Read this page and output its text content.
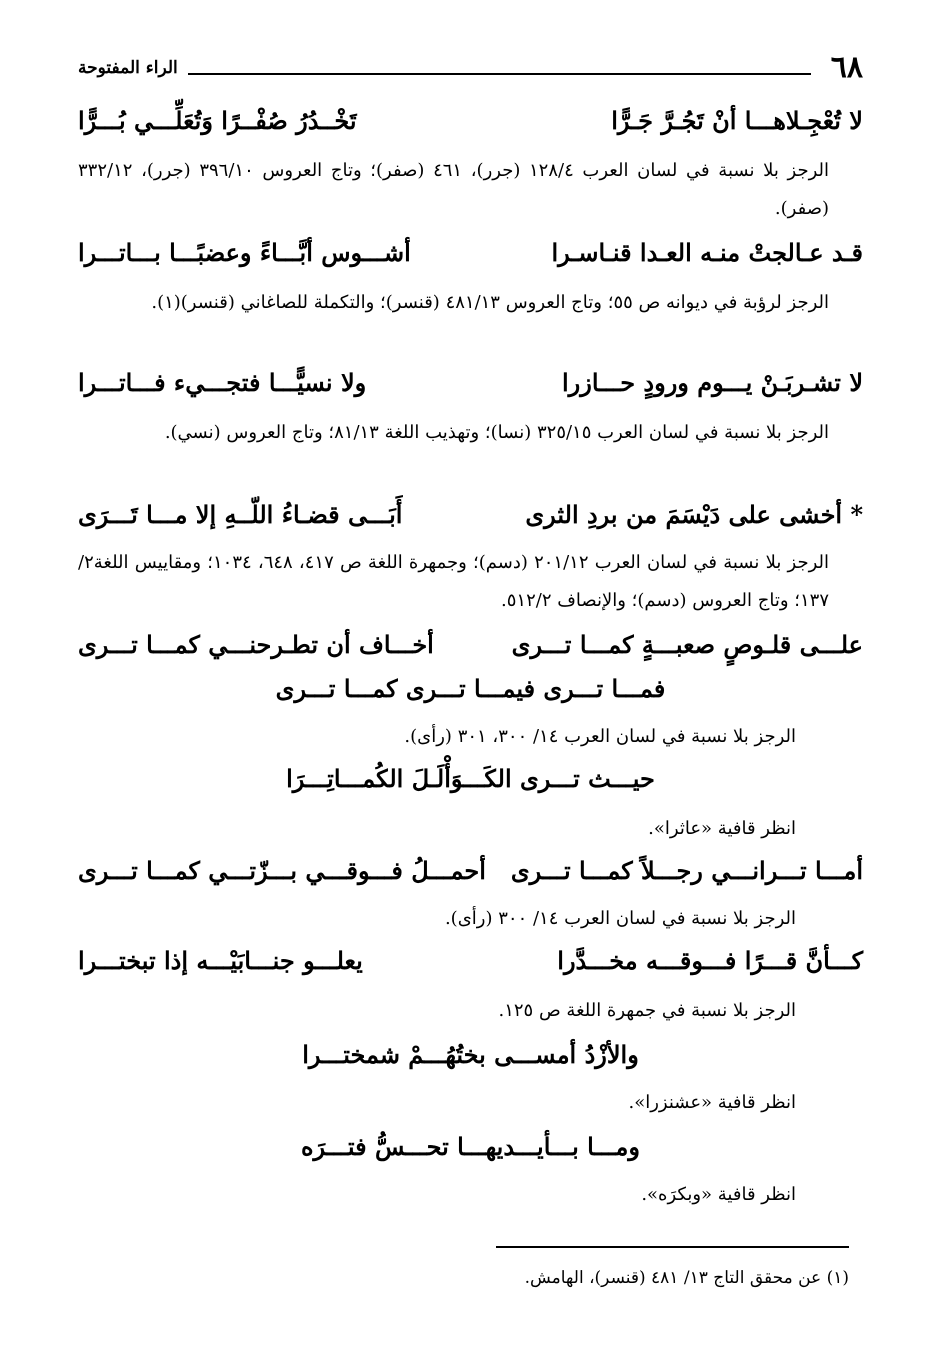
٦٨
الراء المفتوحة
لا تُعْجِـلاهـــا أنْ تَجُـرَّ جَـرًّا
تَخْــدُرُ صُفْــرًا وَتُعَلِّـــي بُـــرًّا
الرجز بلا نسبة في لسان العرب ١٢٨/٤ (جرر)، ٤٦١ (صفر)؛ وتاج العروس ٣٩٦/١٠ (جرر)، ٣٣٢/١٢ (صفر).
قـد عـالجتْ منـه العـدا قنـاسـرا
أشـــوس أبَّـــاءً وعضبًـــا بـــاتـــرا
الرجز لرؤبة في ديوانه ص ٥٥؛ وتاج العروس ٤٨١/١٣ (قنسر)؛ والتكملة للصاغاني (قنسر)(١).
لا تشـربَـنْ يـــوم ورودٍ حـــازرا
ولا نسيًّـــا فتجـــيء فـــاتـــرا
الرجز بلا نسبة في لسان العرب ٣٢٥/١٥ (نسا)؛ وتهذيب اللغة ٨١/١٣؛ وتاج العروس (نسي).
* أخشى على دَيْسَمَ من بردِ الثرى
أَبَـــى قضـاءُ اللّــهِ إلا مـــا تَـــرَى
الرجز بلا نسبة في لسان العرب ٢٠١/١٢ (دسم)؛ وجمهرة اللغة ص ٤١٧، ٦٤٨، ١٠٣٤؛ ومقاييس اللغة٢/ ١٣٧؛ وتاج العروس (دسم)؛ والإنصاف ٥١٢/٢.
علـــى قلـوصٍ صعبـــةٍ كمـــا تـــرى
أخـــاف أن تطـرحنـــي كمـــا تـــرى
فمـــا تـــرى فيمـــا تـــرى كمـــا تـــرى
الرجز بلا نسبة في لسان العرب ١٤/ ٣٠٠، ٣٠١ (رأى).
حيـــث تـــرى الكَـــوَأْلَـلَ الكُمـــاتِـــرَا
انظر قافية «عاثرا».
أمـــا تـــرانـــي رجـــلاً كمـــا تـــرى
أحمـــلُ فـــوقـــي بـــزّتـــي كمـــا تـــرى
الرجز بلا نسبة في لسان العرب ١٤/ ٣٠٠ (رأى).
كـــأنَّ قـــرًا فـــوقـــه مخـــدَّرا
يعلـــو جنـــابَيْـــه إذا تبختـــرا
الرجز بلا نسبة في جمهرة اللغة ص ١٢٥.
والأزْدُ أمســـى بختُهُـــمْ شمختـــرا
انظر قافية «عشنزرا».
ومـــا بـــأيـــديهـــا تحـــسُّ فتـــرَه
انظر قافية «وبكرَه».
(١) عن محقق التاج ١٣/ ٤٨١ (قنسر)، الهامش.
